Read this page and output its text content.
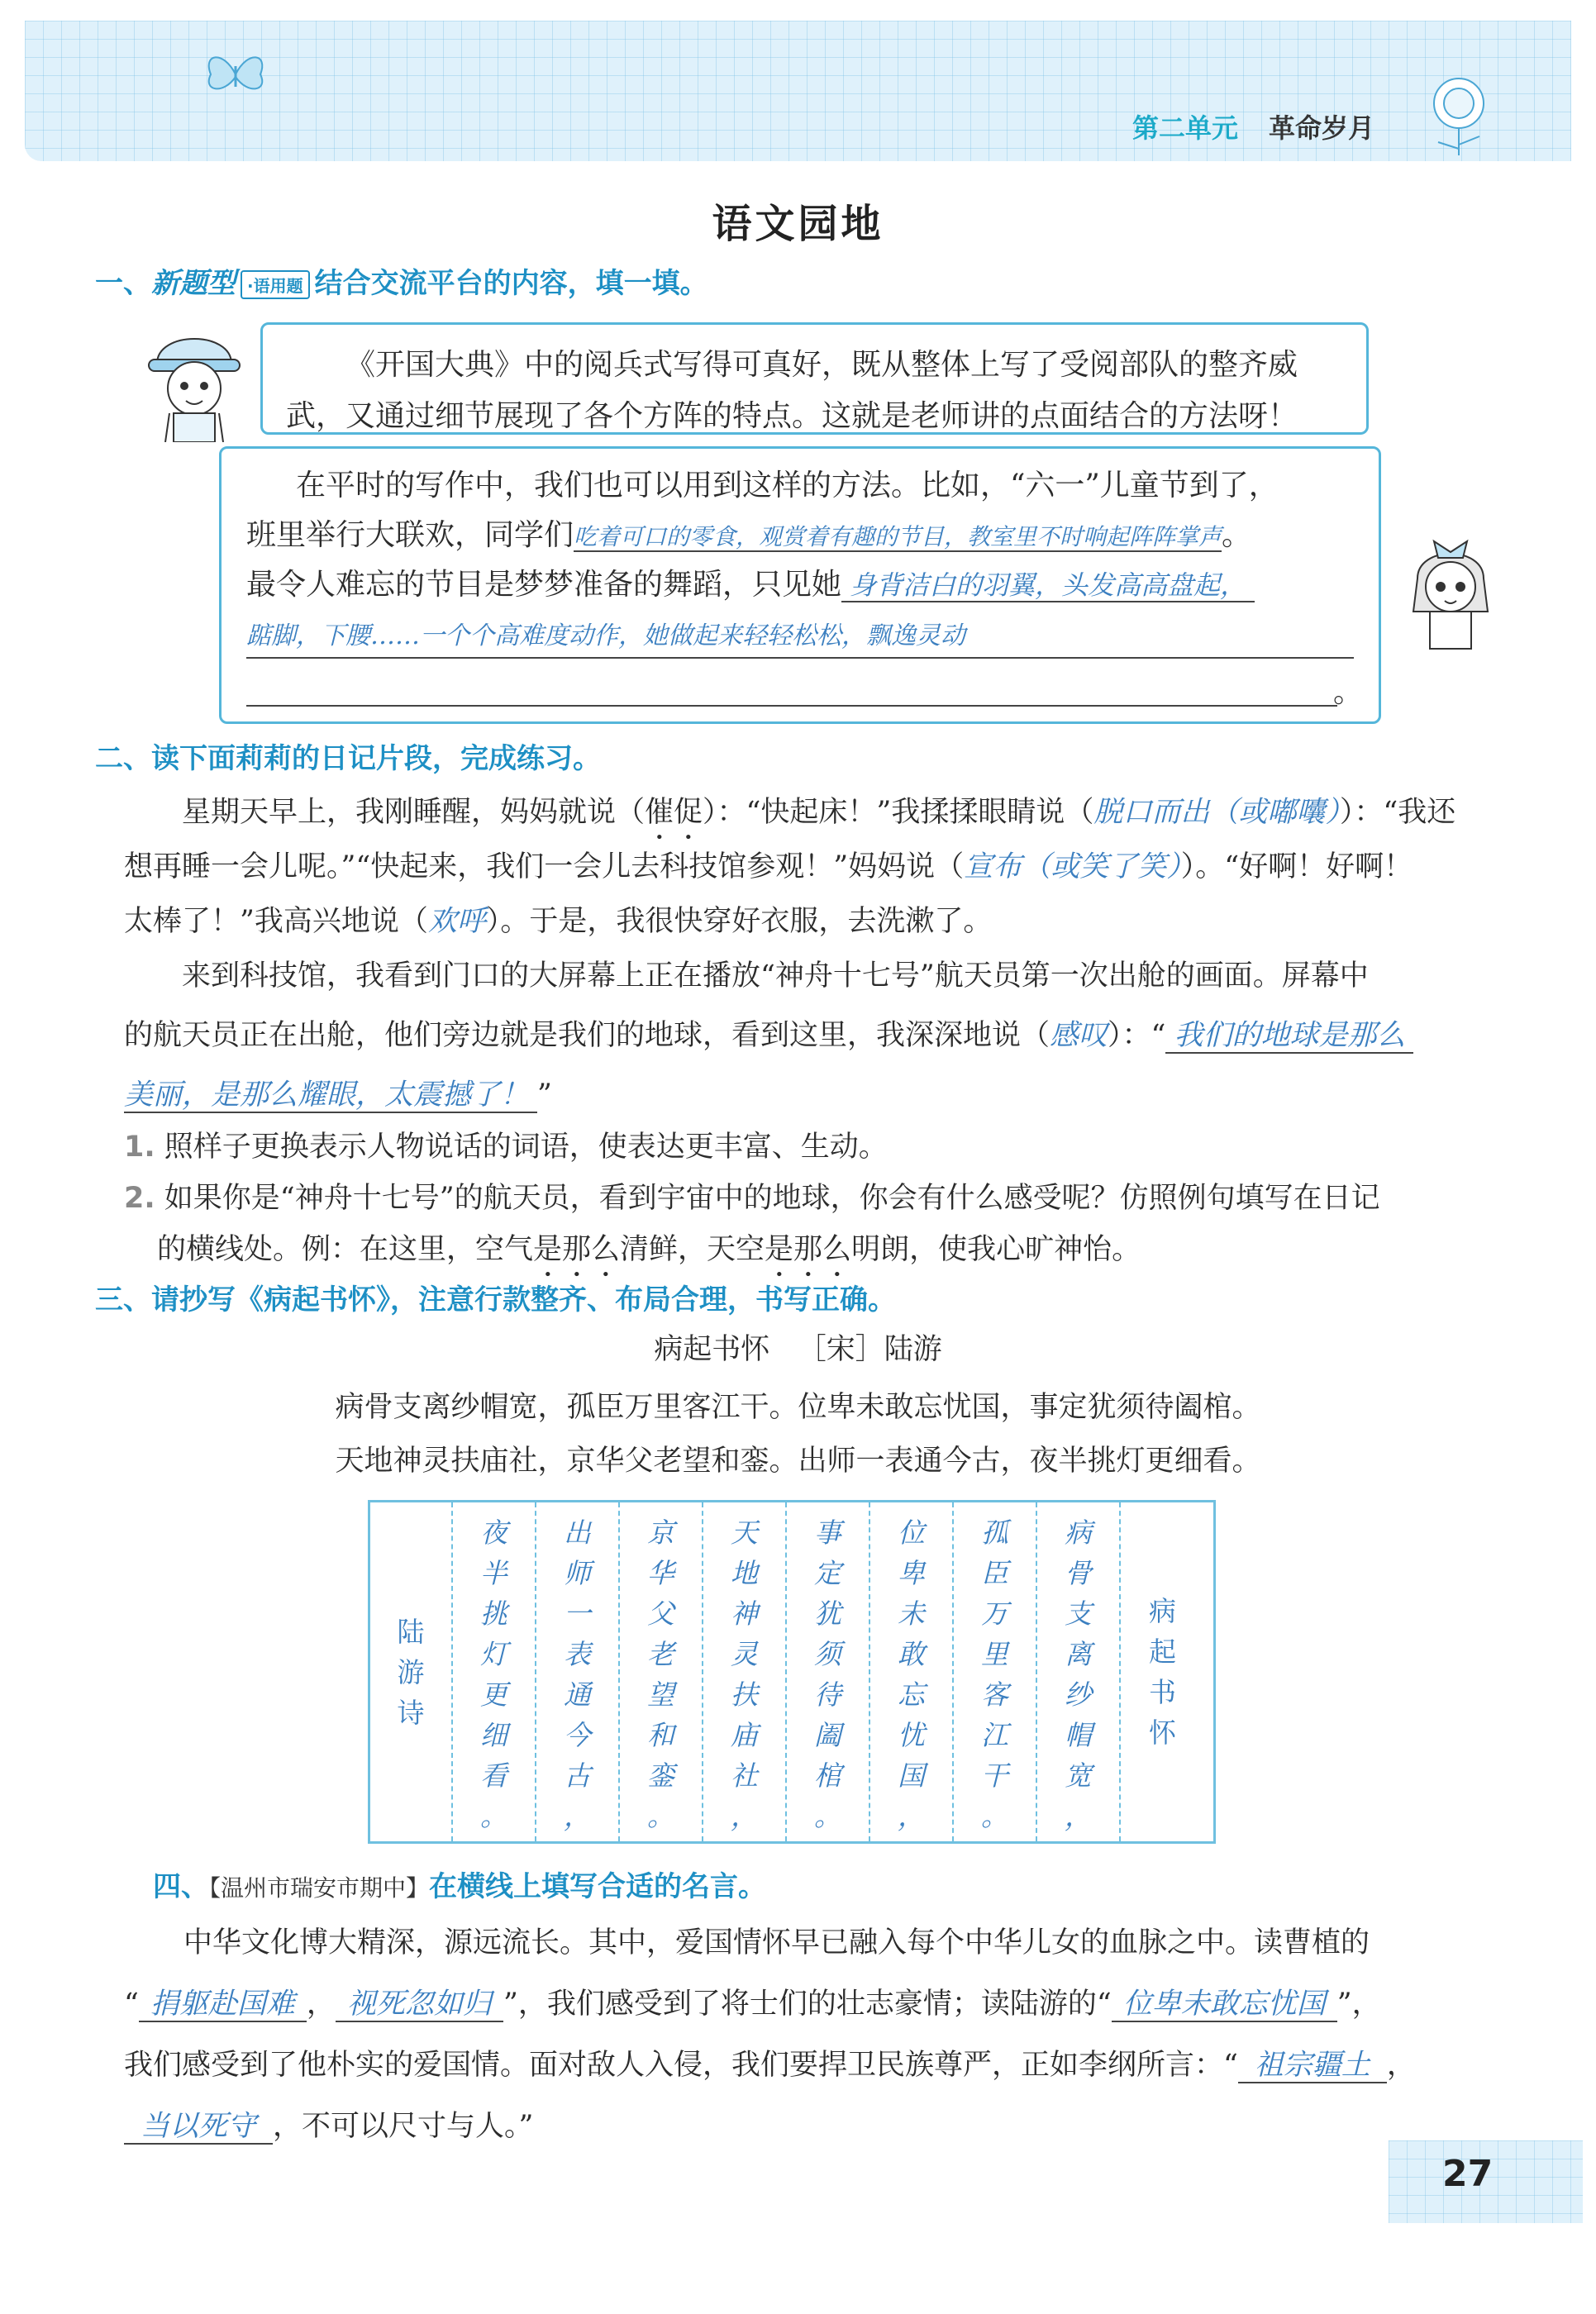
第二单元 革命岁月
语文园地
一、新题型 ·语用题 结合交流平台的内容，填一填。

《开国大典》中的阅兵式写得可真好，既从整体上写了受阅部队的整齐威武，又通过细节展现了各个方阵的特点。这就是老师讲的点面结合的方法呀！

在平时的写作中，我们也可以用到这样的方法。比如，“六一”儿童节到了，
班里举行大联欢，同学们吃着可口的零食，观赏着有趣的节目，教室里不时响起阵阵掌声。
最令人难忘的节目是梦梦准备的舞蹈，只见她 身背洁白的羽翼，头发高高盘起，
踮脚，下腰……一个个高难度动作，她做起来轻轻松松，飘逸灵动
。
二、读下面莉莉的日记片段，完成练习。
星期天早上，我刚睡醒，妈妈就说（催促）：“快起床！”我揉揉眼睛说（脱口而出（或嘟囔））：“我还
想再睡一会儿呢。”“快起来，我们一会儿去科技馆参观！”妈妈说（宣布（或笑了笑））。“好啊！好啊！
太棒了！”我高兴地说（欢呼）。于是，我很快穿好衣服，去洗漱了。
来到科技馆，我看到门口的大屏幕上正在播放“神舟十七号”航天员第一次出舱的画面。屏幕中
的航天员正在出舱，他们旁边就是我们的地球，看到这里，我深深地说（感叹）：“ 我们的地球是那么
美丽，是那么耀眼，太震撼了！ ”
1. 照样子更换表示人物说话的词语，使表达更丰富、生动。
2. 如果你是“神舟十七号”的航天员，看到宇宙中的地球，你会有什么感受呢？仿照例句填写在日记
的横线处。例：在这里，空气是那么清鲜，天空是那么明朗，使我心旷神怡。
三、请抄写《病起书怀》，注意行款整齐、布局合理，书写正确。
病起书怀 ［宋］陆游
病骨支离纱帽宽，孤臣万里客江干。位卑未敢忘忧国，事定犹须待阖棺。
天地神灵扶庙社，京华父老望和銮。出师一表通今古，夜半挑灯更细看。
陆
游
诗
夜
半
挑
灯
更
细
看
。
出
师
一
表
通
今
古
，
京
华
父
老
望
和
銮
。
天
地
神
灵
扶
庙
社
，
事
定
犹
须
待
阖
棺
。
位
卑
未
敢
忘
忧
国
，
孤
臣
万
里
客
江
干
。
病
骨
支
离
纱
帽
宽
，
病
起
书
怀
四、【温州市瑞安市期中】在横线上填写合适的名言。
中华文化博大精深，源远流长。其中，爱国情怀早已融入每个中华儿女的血脉之中。读曹植的
“ 捐躯赴国难 ， 视死忽如归 ”，我们感受到了将士们的壮志豪情；读陆游的“ 位卑未敢忘忧国 ”，
我们感受到了他朴实的爱国情。面对敌人入侵，我们要捍卫民族尊严，正如李纲所言：“ 祖宗疆土 ，
当以死守 ，不可以尺寸与人。”
27
